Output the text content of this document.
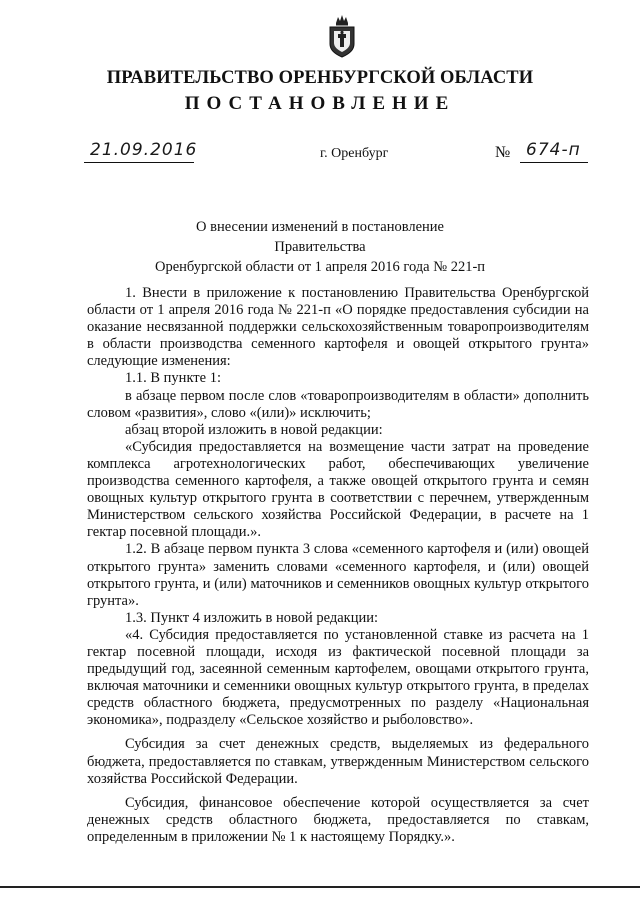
ПРАВИТЕЛЬСТВО ОРЕНБУРГСКОЙ ОБЛАСТИ
ПОСТАНОВЛЕНИЕ
21.09.2016	г. Оренбург	№ 674-п
О внесении изменений в постановление Правительства
Оренбургской области от 1 апреля 2016 года № 221-п

1. Внести в приложение к постановлению Правительства Оренбургской области от 1 апреля 2016 года № 221-п «О порядке предоставления субсидии на оказание несвязанной поддержки сельскохозяйственным товаропроизводителям в области производства семенного картофеля и овощей открытого грунта» следующие изменения:

1.1. В пункте 1:

в абзаце первом после слов «товаропроизводителям в области» дополнить словом «развития», слово «(или)» исключить;

абзац второй изложить в новой редакции:

«Субсидия предоставляется на возмещение части затрат на проведение комплекса агротехнологических работ, обеспечивающих увеличение производства семенного картофеля, а также овощей открытого грунта и семян овощных культур открытого грунта в соответствии с перечнем, утвержденным Министерством сельского хозяйства Российской Федерации, в расчете на 1 гектар посевной площади.».

1.2. В абзаце первом пункта 3 слова «семенного картофеля и (или) овощей открытого грунта» заменить словами «семенного картофеля, и (или) овощей открытого грунта, и (или) маточников и семенников овощных культур открытого грунта».

1.3. Пункт 4 изложить в новой редакции:

«4. Субсидия предоставляется по установленной ставке из расчета на 1 гектар посевной площади, исходя из фактической посевной площади за предыдущий год, засеянной семенным картофелем, овощами открытого грунта, включая маточники и семенники овощных культур открытого грунта, в пределах средств областного бюджета, предусмотренных по разделу «Национальная экономика», подразделу «Сельское хозяйство и рыболовство».

Субсидия за счет денежных средств, выделяемых из федерального бюджета, предоставляется по ставкам, утвержденным Министерством сельского хозяйства Российской Федерации.

Субсидия, финансовое обеспечение которой осуществляется за счет денежных средств областного бюджета, предоставляется по ставкам, определенным в приложении № 1 к настоящему Порядку.».
